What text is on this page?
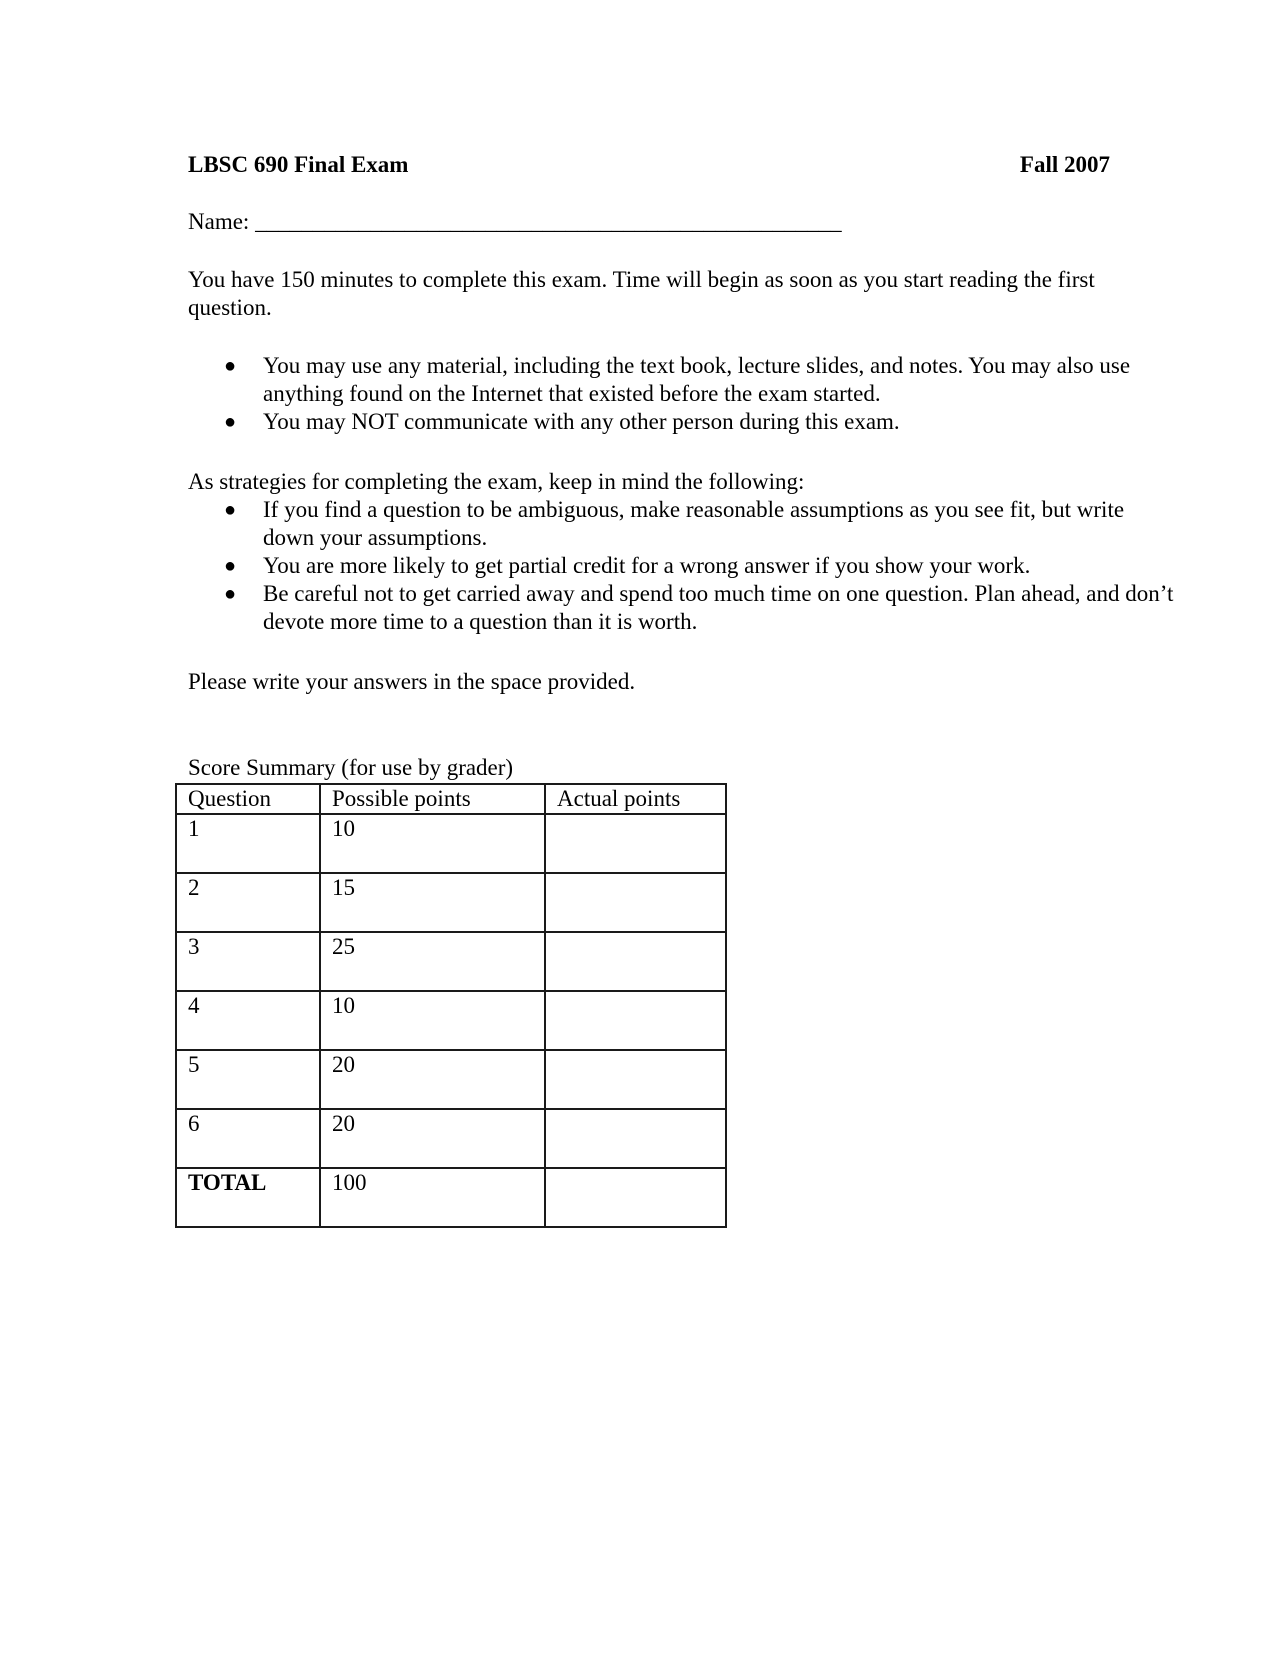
LBSC 690 Final Exam	Fall 2007

Name: ___________________________________________________

You have 150 minutes to complete this exam. Time will begin as soon as you start reading the first question.

● You may use any material, including the text book, lecture slides, and notes. You may also use anything found on the Internet that existed before the exam started.
● You may NOT communicate with any other person during this exam.

As strategies for completing the exam, keep in mind the following:

● If you find a question to be ambiguous, make reasonable assumptions as you see fit, but write down your assumptions.
● You are more likely to get partial credit for a wrong answer if you show your work.
● Be careful not to get carried away and spend too much time on one question. Plan ahead, and don’t devote more time to a question than it is worth.

Please write your answers in the space provided.

Score Summary (for use by grader)

Question	Possible points	Actual points
1	10	
2	15	
3	25	
4	10	
5	20	
6	20	
TOTAL	100	
